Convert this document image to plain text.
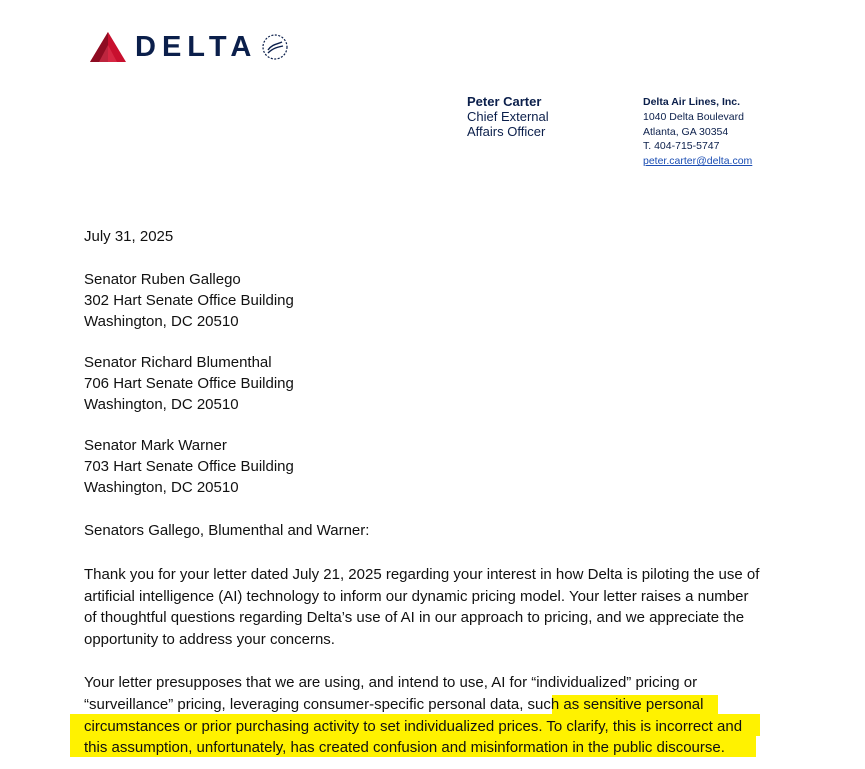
DELTA
Peter Carter
Chief External
Affairs Officer
Delta Air Lines, Inc.
1040 Delta Boulevard
Atlanta, GA 30354
T. 404-715-5747
peter.carter@delta.com
July 31, 2025
Senator Ruben Gallego
302 Hart Senate Office Building
Washington, DC 20510
Senator Richard Blumenthal
706 Hart Senate Office Building
Washington, DC 20510
Senator Mark Warner
703 Hart Senate Office Building
Washington, DC 20510
Senators Gallego, Blumenthal and Warner:
Thank you for your letter dated July 21, 2025 regarding your interest in how Delta is piloting the use of
artificial intelligence (AI) technology to inform our dynamic pricing model. Your letter raises a number
of thoughtful questions regarding Delta’s use of AI in our approach to pricing, and we appreciate the
opportunity to address your concerns.
Your letter presupposes that we are using, and intend to use, AI for “individualized” pricing or
“surveillance” pricing, leveraging consumer-specific personal data, such as sensitive personal
circumstances or prior purchasing activity to set individualized prices. To clarify, this is incorrect and
this assumption, unfortunately, has created confusion and misinformation in the public discourse.
